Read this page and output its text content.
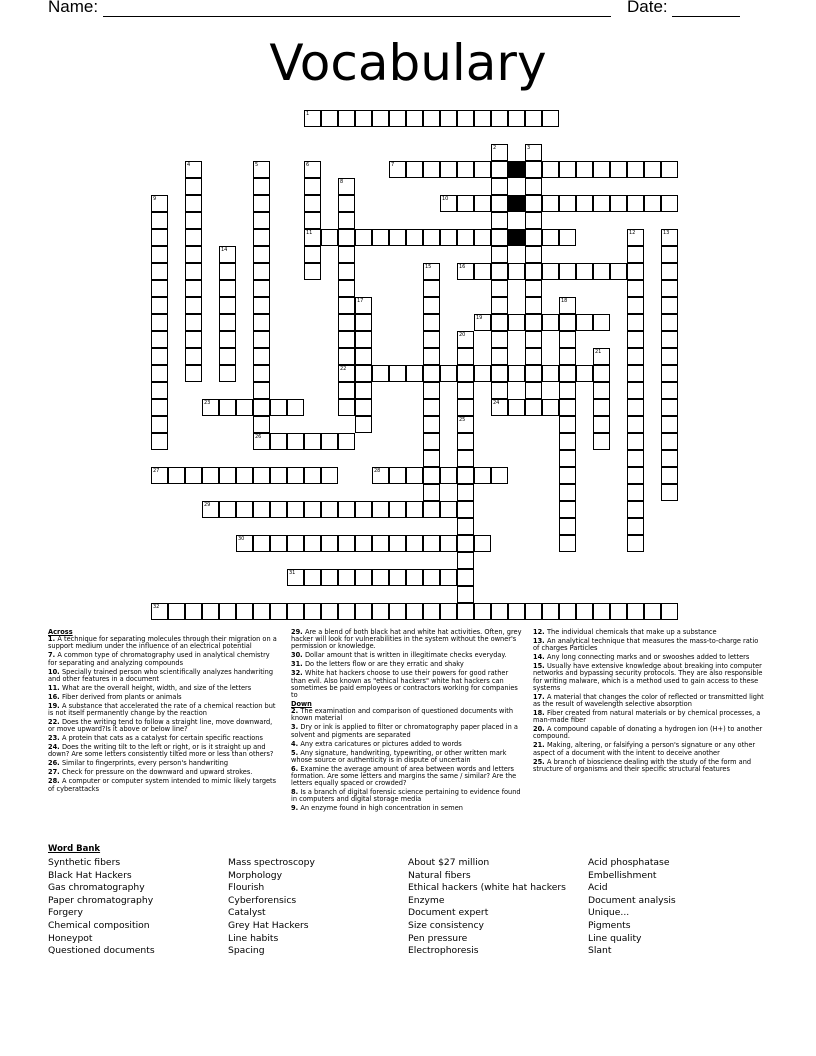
Name:	Date:
Vocabulary
1
7
10
11
16
19
22
23	24
26
27	28
29
30
31
32
2	3
4	5	6
8
9
12	13
14
15
17	18
20
21
25
Across

1. A technique for separating molecules through their migration on a support medium under the influence of an electrical potential

7. A common type of chromatography used in analytical chemistry for separating and analyzing compounds

10. Specially trained person who scientifically analyzes handwriting and other features in a document

11. What are the overall height, width, and size of the letters

16. Fiber derived from plants or animals

19. A substance that accelerated the rate of a chemical reaction but is not itself permanently change by the reaction

22. Does the writing tend to follow a straight line, move downward, or move upward?Is it above or below line?

23. A protein that cats as a catalyst for certain specific reactions

24. Does the writing tilt to the left or right, or is it straight up and down? Are some letters consistently tilted more or less than others?

26. Similar to fingerprints, every person's handwriting

27. Check for pressure on the downward and upward strokes.

28. A computer or computer system intended to mimic likely targets of cyberattacks

29. Are a blend of both black hat and white hat activities. Often, grey hacker will look for vulnerabilities in the system without the owner's permission or knowledge.

30. Dollar amount that is written in illegitimate checks everyday.

31. Do the letters flow or are they erratic and shaky

32. White hat hackers choose to use their powers for good rather than evil. Also known as "ethical hackers" white hat hackers can sometimes be paid employees or contractors working for companies to

Down

2. The examination and comparison of questioned documents with known material

3. Dry or ink is applied to filter or chromatography paper placed in a solvent and pigments are separated

4. Any extra caricatures or pictures added to words

5. Any signature, handwriting, typewriting, or other written mark whose source or authenticity is in dispute of uncertain

6. Examine the average amount of area between words and letters formation. Are some letters and margins the same / similar? Are the letters equally spaced or crowded?

8. Is a branch of digital forensic science pertaining to evidence found in computers and digital storage media

9. An enzyme found in high concentration in semen

12. The individual chemicals that make up a substance

13. An analytical technique that measures the mass-to-charge ratio of charges Particles

14. Any long connecting marks and or swooshes added to letters

15. Usually have extensive knowledge about breaking into computer networks and bypassing security protocols. They are also responsible for writing malware, which is a method used to gain access to these systems

17. A material that changes the color of reflected or transmitted light as the result of wavelength selective absorption

18. Fiber created from natural materials or by chemical processes, a man-made fiber

20. A compound capable of donating a hydrogen ion (H+) to another compound.

21. Making, altering, or falsifying a person's signature or any other aspect of a document with the intent to deceive another

25. A branch of bioscience dealing with the study of the form and structure of organisms and their specific structural features

Word Bank
Synthetic fibers
Black Hat Hackers
Gas chromatography
Paper chromatography
Forgery
Chemical composition
Honeypot
Questioned documents
Mass spectroscopy
Morphology
Flourish
Cyberforensics
Catalyst
Grey Hat Hackers
Line habits
Spacing
About $27 million
Natural fibers
Ethical hackers (white hat hackers
Enzyme
Document expert
Size consistency
Pen pressure
Electrophoresis
Acid phosphatase
Embellishment
Acid
Document analysis
Unique...
Pigments
Line quality
Slant
